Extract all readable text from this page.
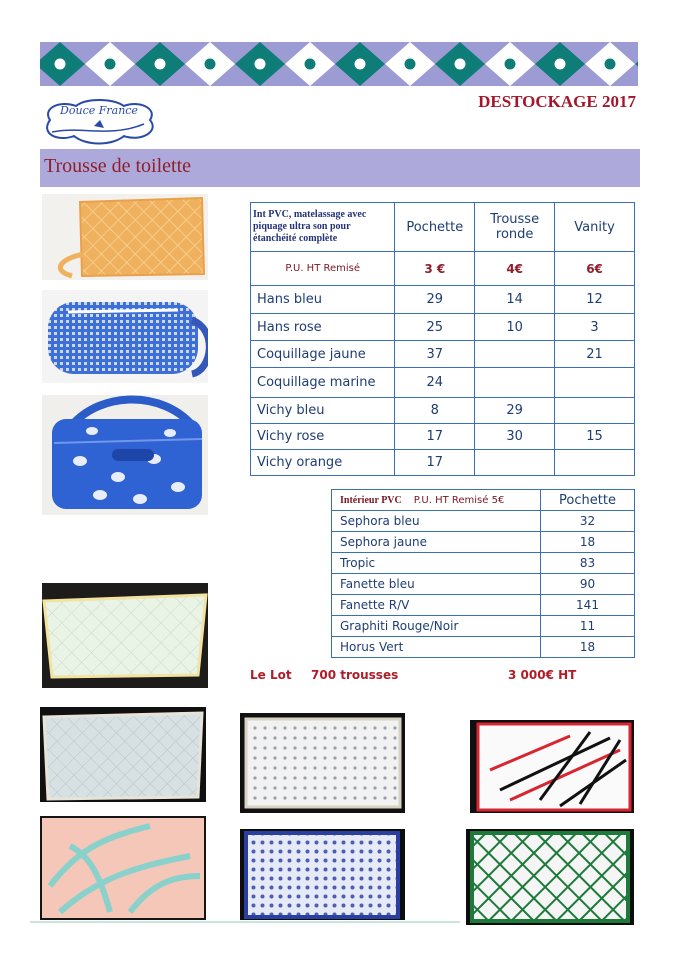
Douce France	DESTOCKAGE 2017
Trousse de toilette
Int PVC, matelassage avec piquage ultra son pour étanchéité complète	Pochette	Trousse ronde	Vanity
P.U. HT Remisé	3 €	4€	6€
Hans bleu	29	14	12
Hans rose	25	10	3
Coquillage jaune	37		21
Coquillage marine	24		
Vichy bleu	8	29	
Vichy rose	17	30	15
Vichy orange	17		
Intérieur PVC P.U. HT Remisé 5€	Pochette
Sephora bleu	32
Sephora jaune	18
Tropic	83
Fanette bleu	90
Fanette R/V	141
Graphiti Rouge/Noir	11
Horus Vert	18
Le Lot 700 trousses	3 000€ HT
